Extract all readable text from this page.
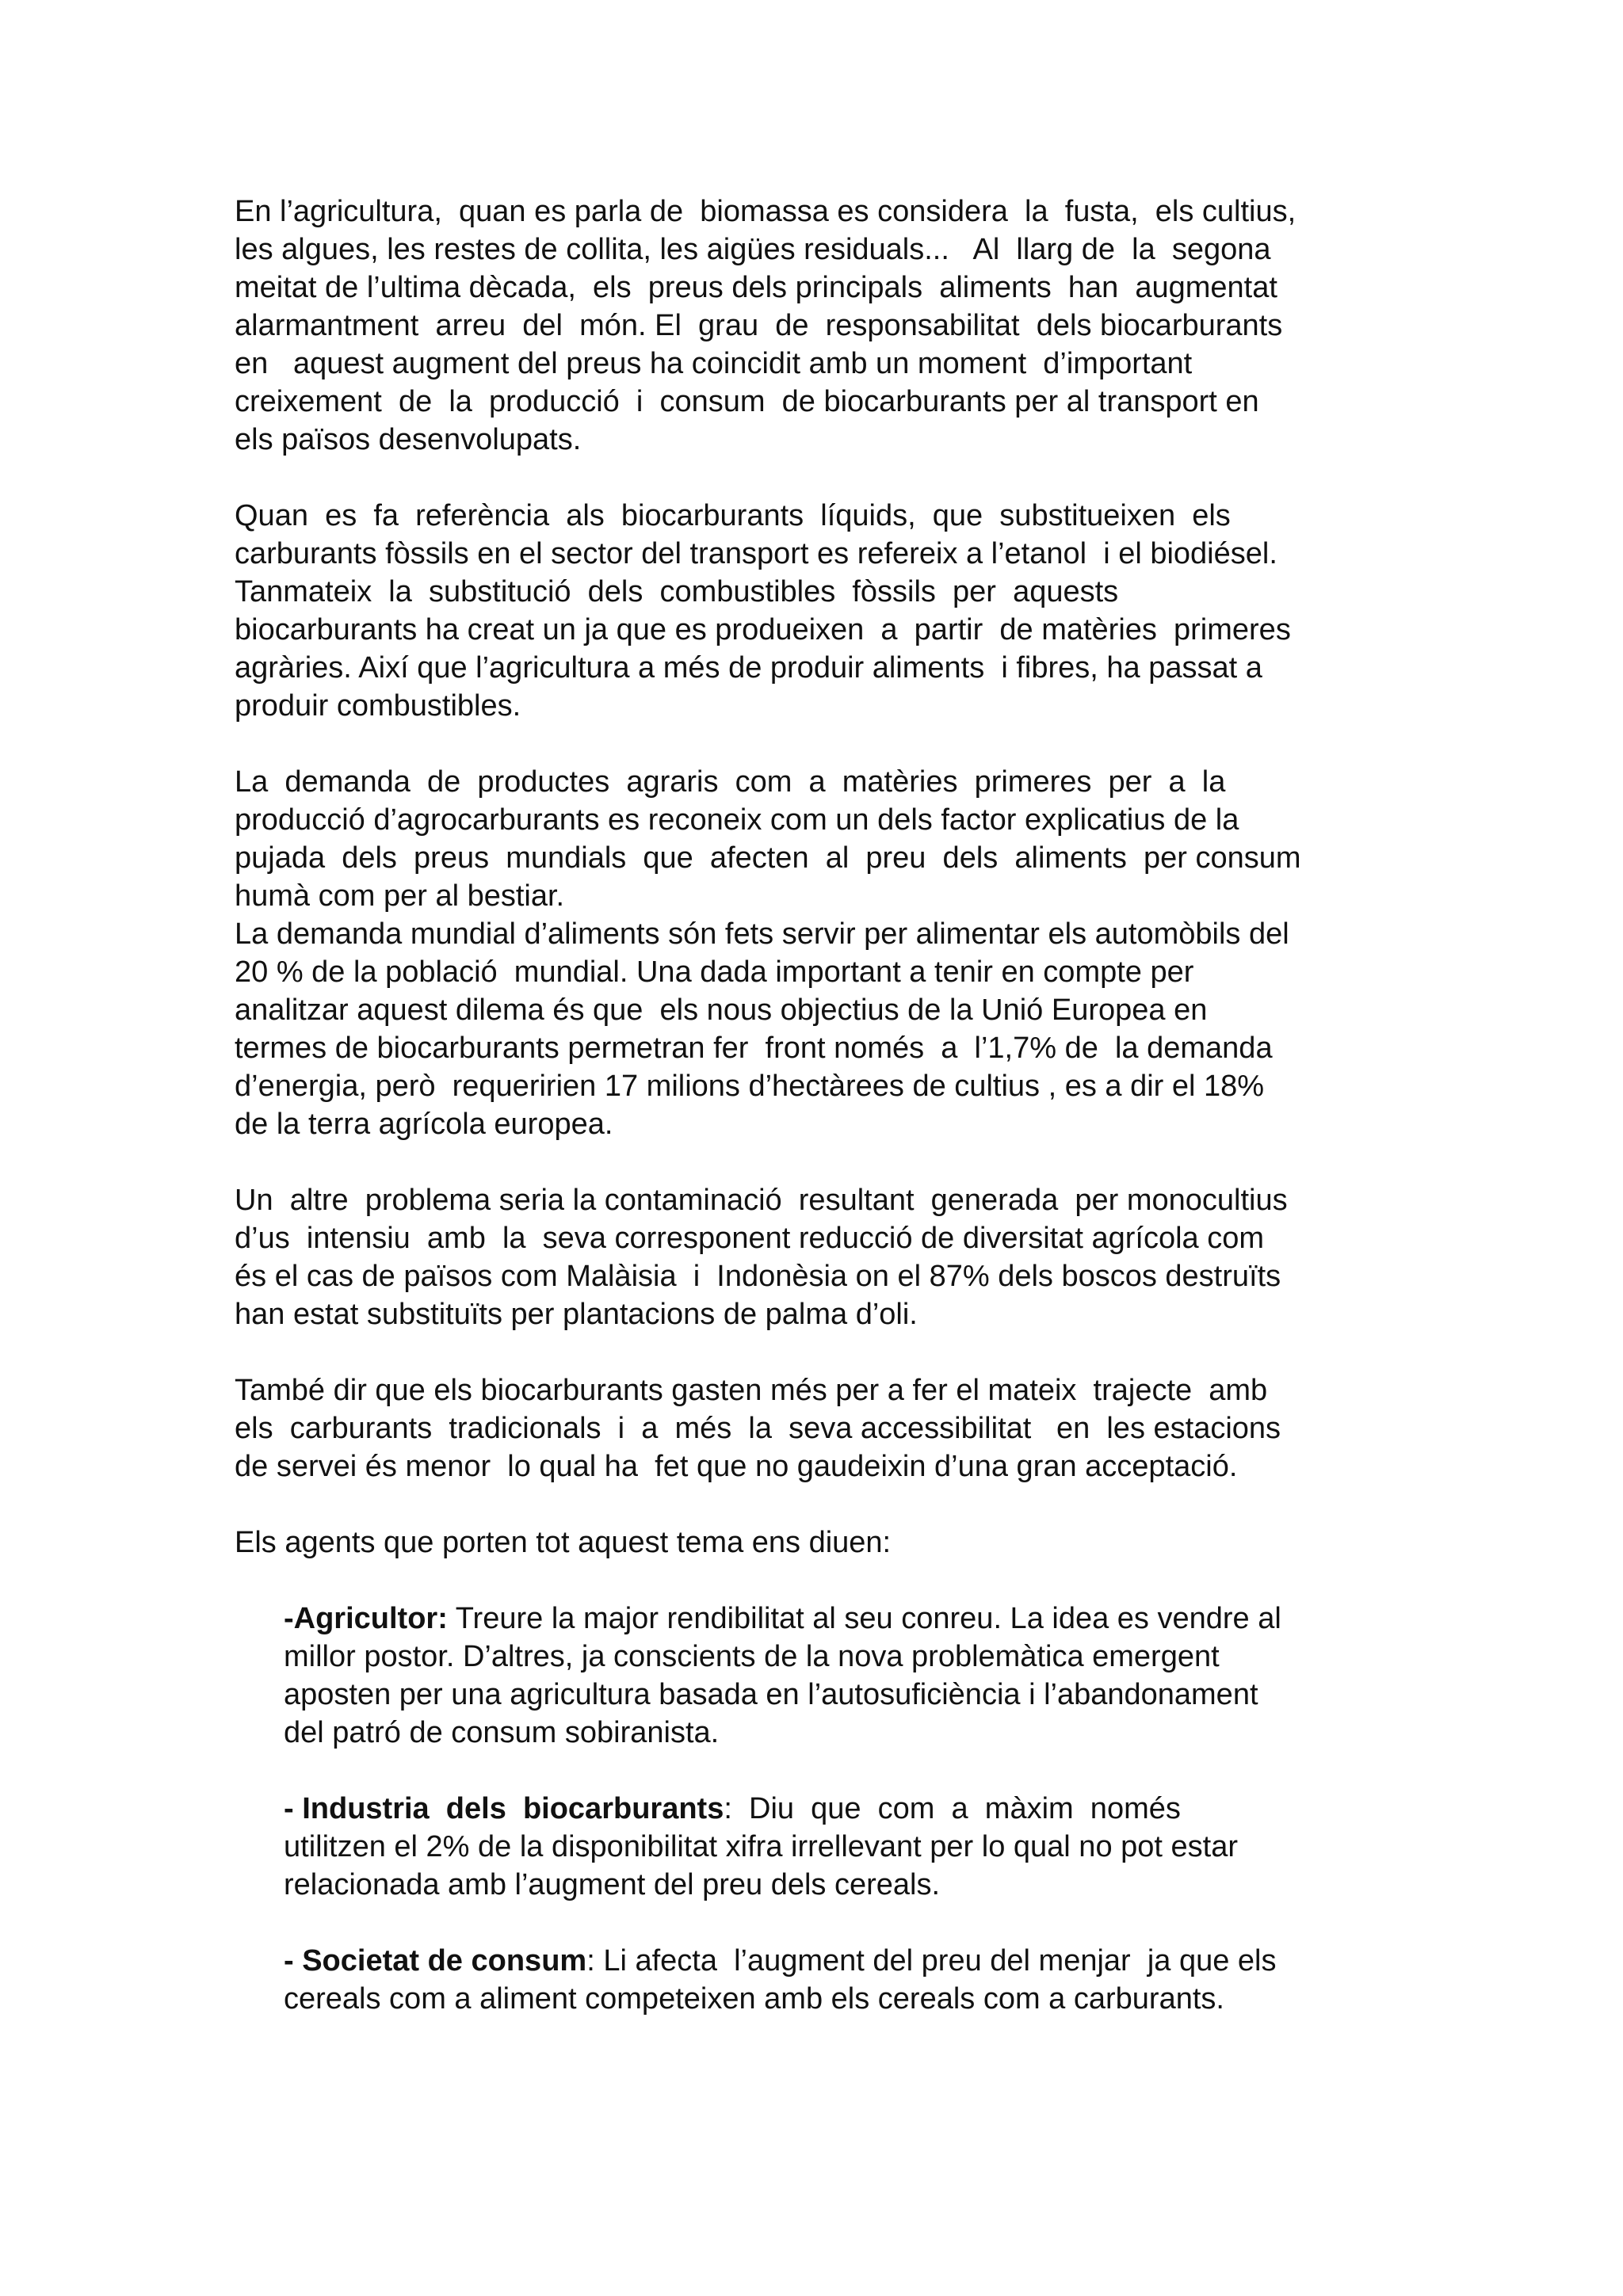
En l’agricultura,  quan es parla de  biomassa es considera  la  fusta,  els cultius,
les algues, les restes de collita, les aigües residuals...   Al  llarg de  la  segona
meitat de l’ultima dècada,  els  preus dels principals  aliments  han  augmentat
alarmantment  arreu  del  món. El  grau  de  responsabilitat  dels biocarburants
en   aquest augment del preus ha coincidit amb un moment  d’important
creixement  de  la  producció  i  consum  de biocarburants per al transport en
els països desenvolupats.
Quan  es  fa  referència  als  biocarburants  líquids,  que  substitueixen  els
carburants fòssils en el sector del transport es refereix a l’etanol  i el biodiésel.
Tanmateix  la  substitució  dels  combustibles  fòssils  per  aquests
biocarburants ha creat un ja que es produeixen  a  partir  de matèries  primeres
agràries. Així que l’agricultura a més de produir aliments  i fibres, ha passat a
produir combustibles.
La  demanda  de  productes  agraris  com  a  matèries  primeres  per  a  la
producció d’agrocarburants es reconeix com un dels factor explicatius de la
pujada  dels  preus  mundials  que  afecten  al  preu  dels  aliments  per consum
humà com per al bestiar.
La demanda mundial d’aliments són fets servir per alimentar els automòbils del
20 % de la població  mundial. Una dada important a tenir en compte per
analitzar aquest dilema és que  els nous objectius de la Unió Europea en
termes de biocarburants permetran fer  front només  a  l’1,7% de  la demanda
d’energia, però  requeririen 17 milions d’hectàrees de cultius , es a dir el 18%
de la terra agrícola europea.
Un  altre  problema seria la contaminació  resultant  generada  per monocultius
d’us  intensiu  amb  la  seva corresponent reducció de diversitat agrícola com
és el cas de països com Malàisia  i  Indonèsia on el 87% dels boscos destruïts
han estat substituïts per plantacions de palma d’oli.
També dir que els biocarburants gasten més per a fer el mateix  trajecte  amb
els  carburants  tradicionals  i  a  més  la  seva accessibilitat   en  les estacions
de servei és menor  lo qual ha  fet que no gaudeixin d’una gran acceptació.
Els agents que porten tot aquest tema ens diuen:
-Agricultor: Treure la major rendibilitat al seu conreu. La idea es vendre al
millor postor. D’altres, ja conscients de la nova problemàtica emergent
aposten per una agricultura basada en l’autosuficiència i l’abandonament
del patró de consum sobiranista.
- Industria  dels  biocarburants:  Diu  que  com  a  màxim  només
utilitzen el 2% de la disponibilitat xifra irrellevant per lo qual no pot estar
relacionada amb l’augment del preu dels cereals.
- Societat de consum: Li afecta  l’augment del preu del menjar  ja que els
cereals com a aliment competeixen amb els cereals com a carburants.
